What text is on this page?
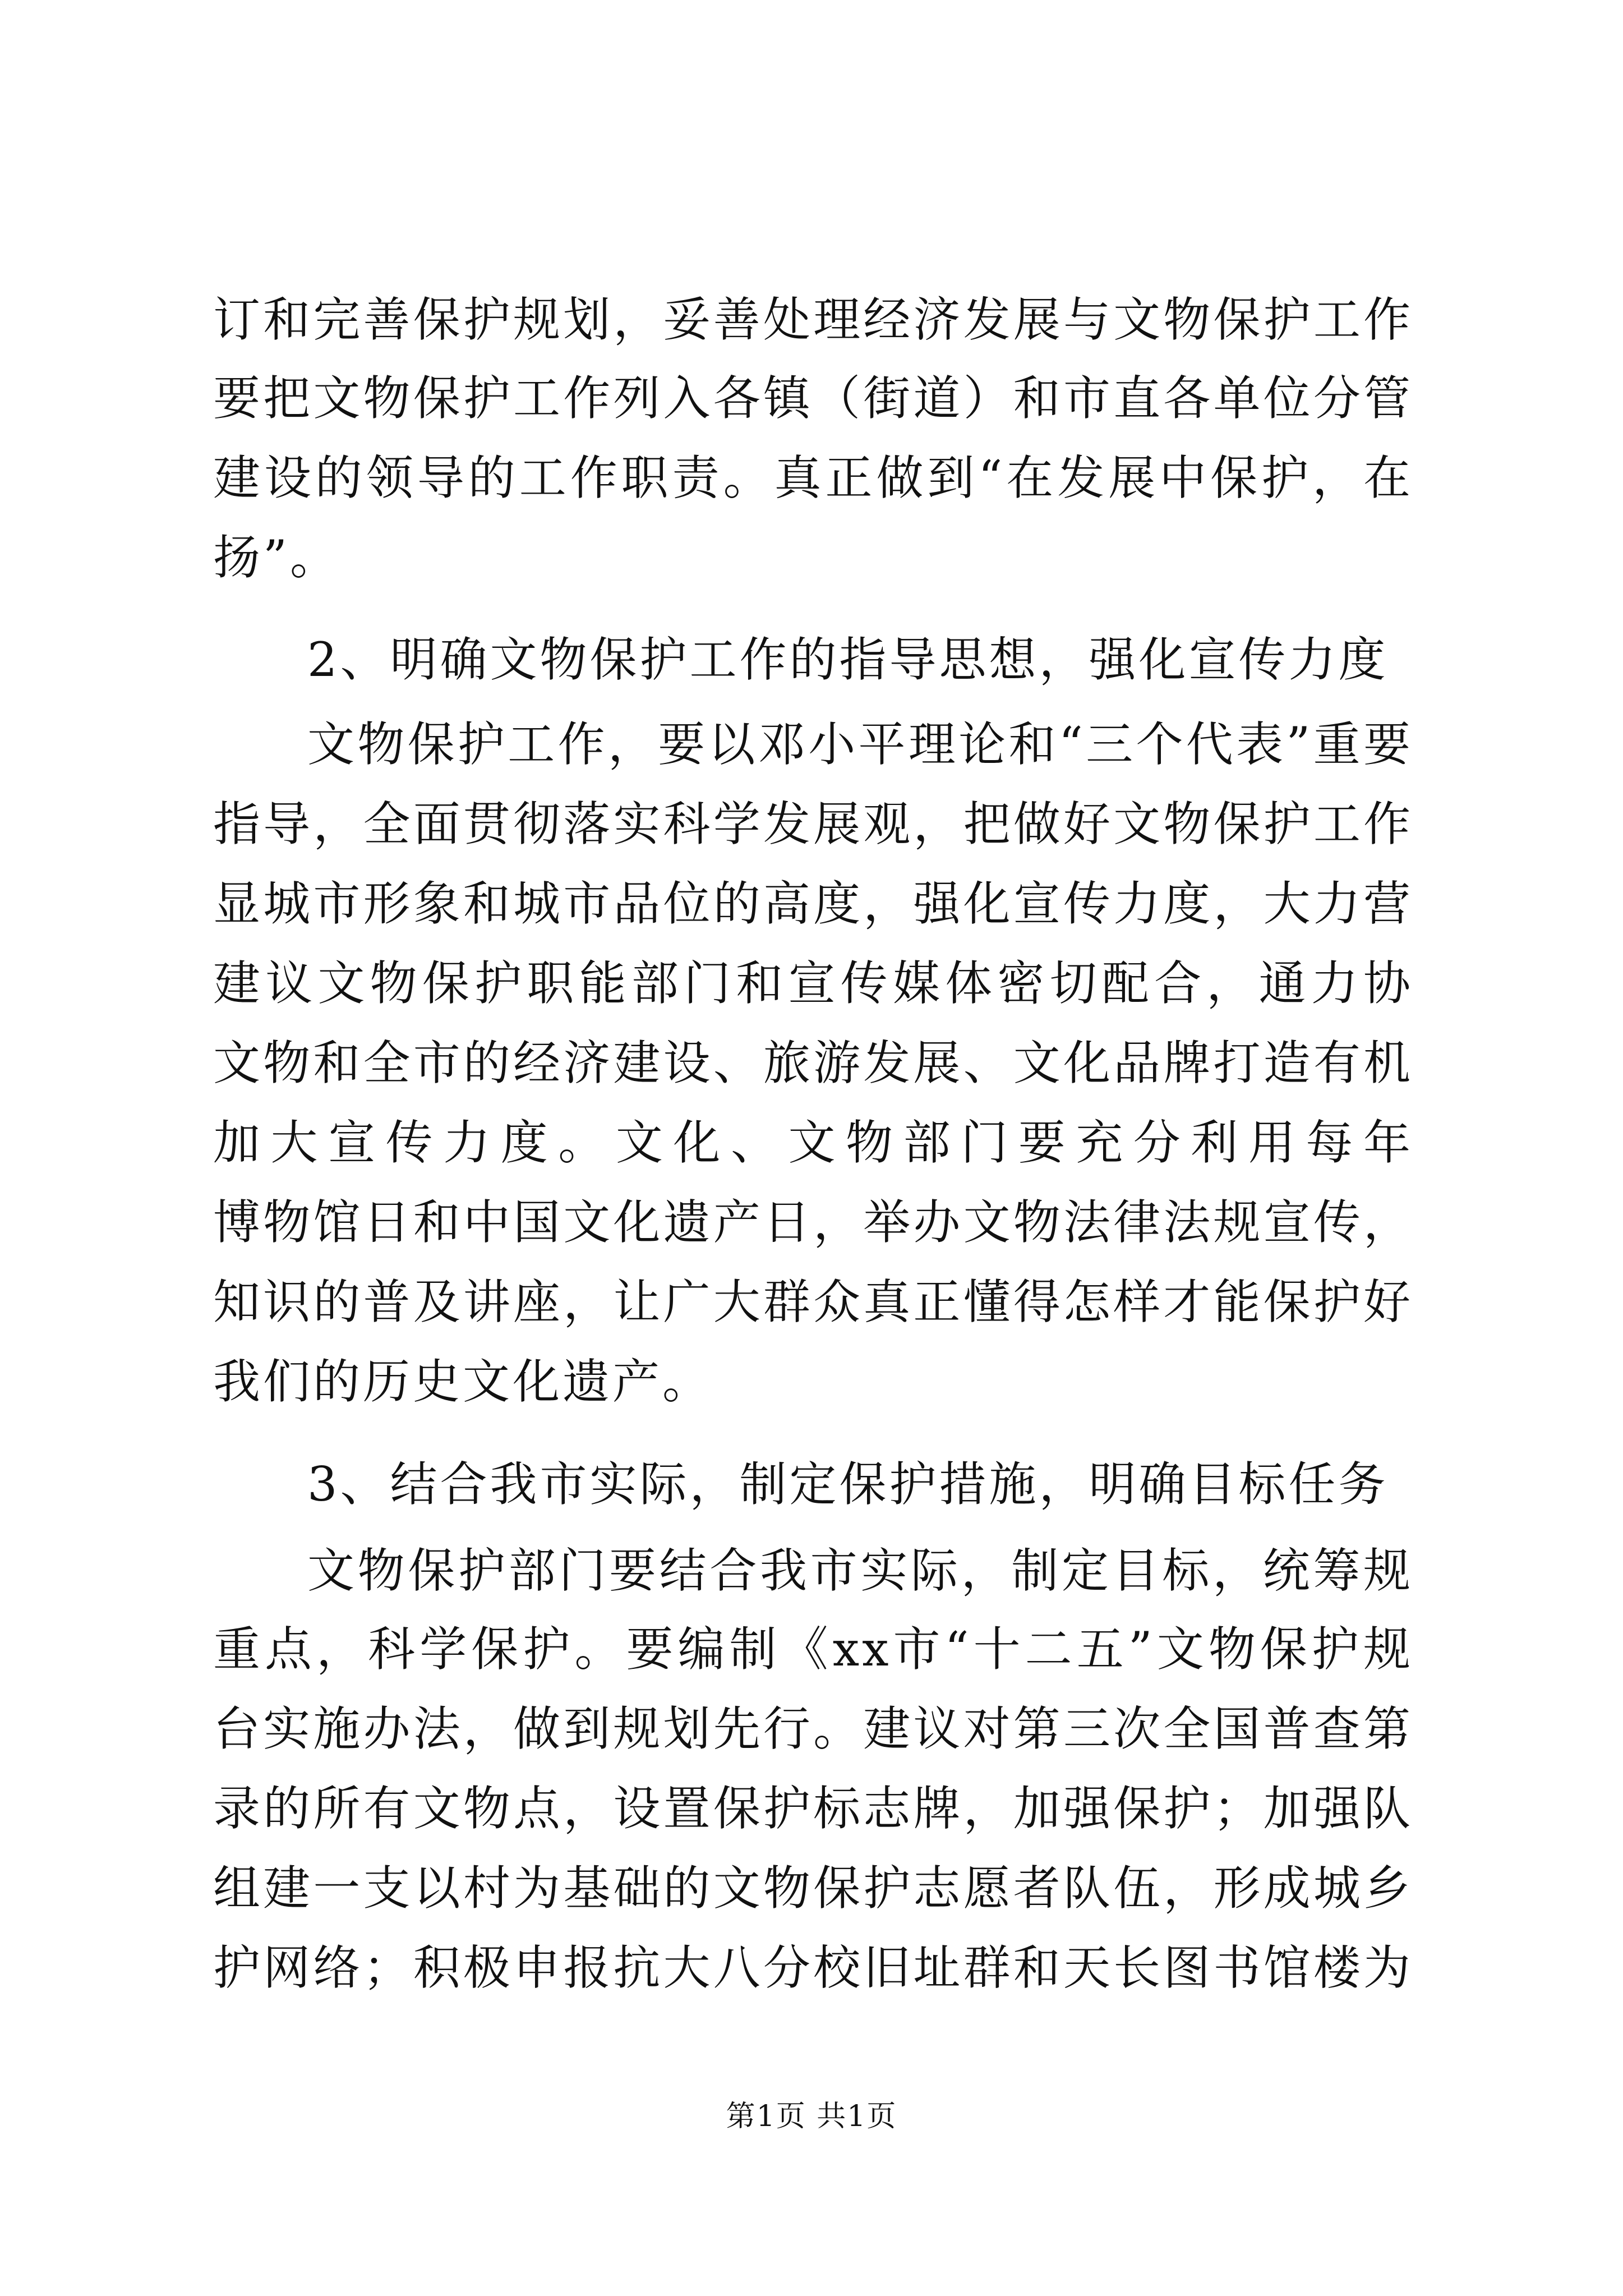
订和完善保护规划，妥善处理经济发展与文物保护工作
要把文物保护工作列入各镇（街道）和市直各单位分管
建设的领导的工作职责。真正做到“在发展中保护，在
扬”。
2、明确文物保护工作的指导思想，强化宣传力度
文物保护工作，要以邓小平理论和“三个代表”重要
指导，全面贯彻落实科学发展观，把做好文物保护工作
显城市形象和城市品位的高度，强化宣传力度，大力营
建议文物保护职能部门和宣传媒体密切配合，通力协
文物和全市的经济建设、旅游发展、文化品牌打造有机
加大宣传力度。文化、文物部门要充分利用每年
博物馆日和中国文化遗产日，举办文物法律法规宣传，
知识的普及讲座，让广大群众真正懂得怎样才能保护好
我们的历史文化遗产。
3、结合我市实际，制定保护措施，明确目标任务
文物保护部门要结合我市实际，制定目标，统筹规
重点，科学保护。要编制《xx市“十二五”文物保护规
台实施办法，做到规划先行。建议对第三次全国普查第
录的所有文物点，设置保护标志牌，加强保护；加强队
组建一支以村为基础的文物保护志愿者队伍，形成城乡
护网络；积极申报抗大八分校旧址群和天长图书馆楼为
第1页 共1页
